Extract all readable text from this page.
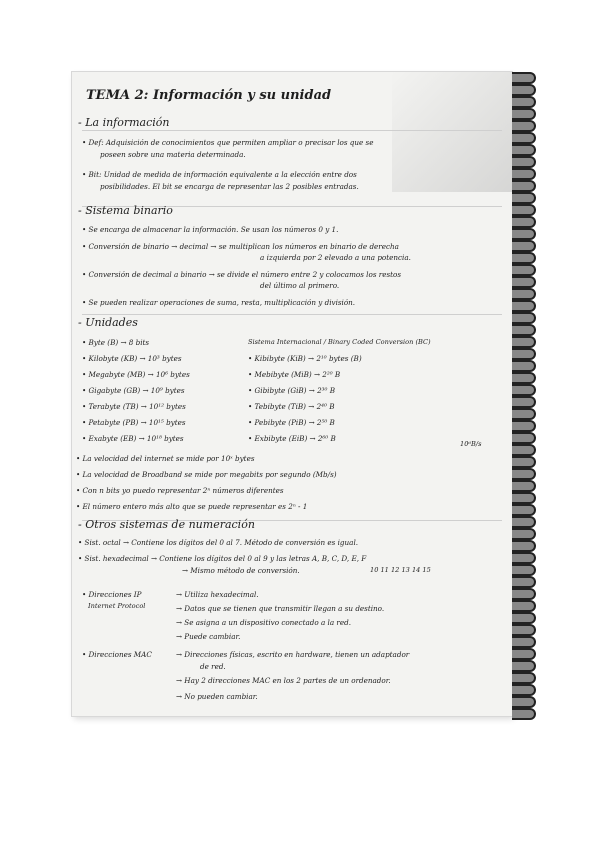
TEMA 2: Información y su unidad
- La información
• Def: Adquisición de conocimientos que permiten ampliar o precisar los que se
poseen sobre una materia determinada.
• Bit: Unidad de medida de información equivalente a la elección entre dos
posibilidades. El bit se encarga de representar las 2 posibles entradas.
- Sistema binario
• Se encarga de almacenar la información. Se usan los números 0 y 1.
• Conversión de binario → decimal → se multiplican los números en binario de derecha
a izquierda por 2 elevado a una potencia.
• Conversión de decimal a binario → se divide el número entre 2 y colocamos los restos
del último al primero.
• Se pueden realizar operaciones de suma, resta, multiplicación y división.
- Unidades
Sistema Internacional / Binary Coded Conversion (BC)
• Byte (B) → 8 bits
• Kilobyte (KB) → 10³ bytes
• Megabyte (MB) → 10⁶ bytes
• Gigabyte (GB) → 10⁹ bytes
• Terabyte (TB) → 10¹² bytes
• Petabyte (PB) → 10¹⁵ bytes
• Exabyte (EB) → 10¹⁸ bytes
• Kibibyte (KiB) → 2¹⁰ bytes (B)
• Mebibyte (MiB) → 2²⁰ B
• Gibibyte (GiB) → 2³⁰ B
• Tebibyte (TiB) → 2⁴⁰ B
• Pebibyte (PiB) → 2⁵⁰ B
• Exbibyte (EiB) → 2⁶⁰ B
10⁶B/s
• La velocidad del internet se mide por 10ˣ bytes
• La velocidad de Broadband se mide por megabits por segundo (Mb/s)
• Con n bits yo puedo representar 2ⁿ números diferentes
• El número entero más alto que se puede representar es 2ⁿ - 1
- Otros sistemas de numeración
• Sist. octal → Contiene los dígitos del 0 al 7. Método de conversión es igual.
• Sist. hexadecimal → Contiene los dígitos del 0 al 9 y las letras A, B, C, D, E, F
→ Mismo método de conversión.	10 11 12 13 14 15
• Direcciones IP
Internet Protocol
→ Utiliza hexadecimal.
→ Datos que se tienen que transmitir llegan a su destino.
→ Se asigna a un dispositivo conectado a la red.
→ Puede cambiar.
• Direcciones MAC	→ Direcciones físicas, escrito en hardware, tienen un adaptador
de red.
→ Hay 2 direcciones MAC en los 2 partes de un ordenador.
→ No pueden cambiar.
